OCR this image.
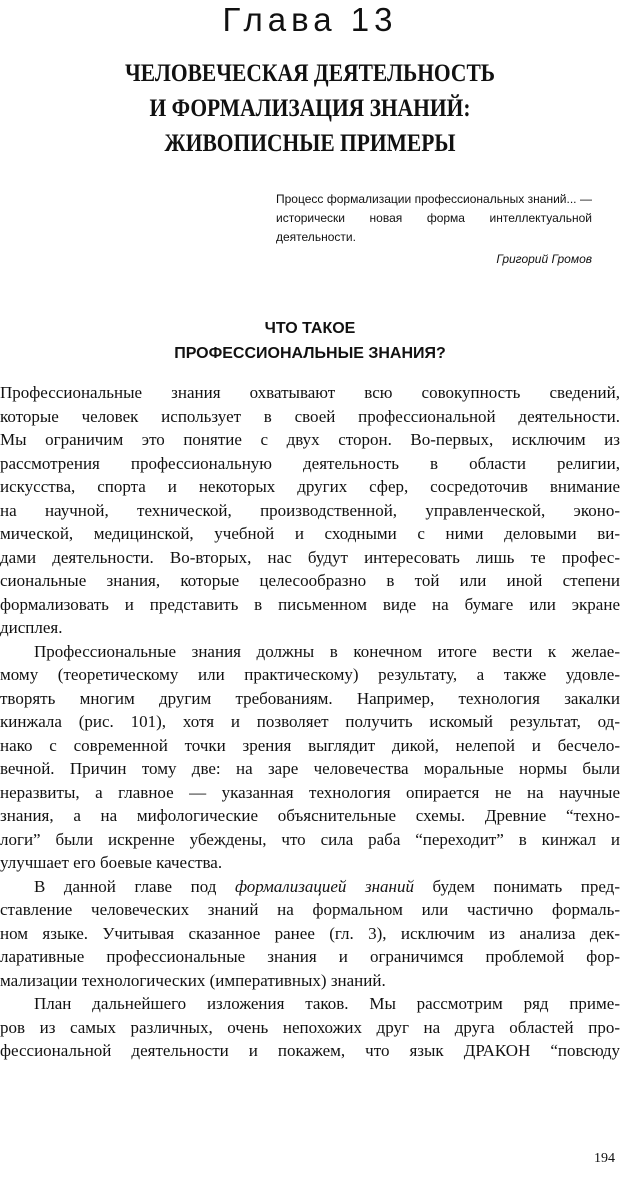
Глава 13
ЧЕЛОВЕЧЕСКАЯ ДЕЯТЕЛЬНОСТЬ
И ФОРМАЛИЗАЦИЯ ЗНАНИЙ:
ЖИВОПИСНЫЕ ПРИМЕРЫ
Процесс формализации профессиональных знаний... — исторически новая форма интеллектуальной деятельности.
Григорий Громов
ЧТО ТАКОЕ
ПРОФЕССИОНАЛЬНЫЕ ЗНАНИЯ?
Профессиональные знания охватывают всю совокупность сведений,
которые человек использует в своей профессиональной деятельности.
Мы ограничим это понятие с двух сторон. Во-первых, исключим из
рассмотрения профессиональную деятельность в области религии,
искусства, спорта и некоторых других сфер, сосредоточив внимание
на научной, технической, производственной, управленческой, эконо-
мической, медицинской, учебной и сходными с ними деловыми ви-
дами деятельности. Во-вторых, нас будут интересовать лишь те профес-
сиональные знания, которые целесообразно в той или иной степени
формализовать и представить в письменном виде на бумаге или экране
дисплея.
Профессиональные знания должны в конечном итоге вести к желае-
мому (теоретическому или практическому) результату, а также удовле-
творять многим другим требованиям. Например, технология закалки
кинжала (рис. 101), хотя и позволяет получить искомый результат, од-
нако с современной точки зрения выглядит дикой, нелепой и бесчело-
вечной. Причин тому две: на заре человечества моральные нормы были
неразвиты, а главное — указанная технология опирается не на научные
знания, а на мифологические объяснительные схемы. Древние “техно-
логи” были искренне убеждены, что сила раба “переходит” в кинжал и
улучшает его боевые качества.
В данной главе под формализацией знаний будем понимать пред-
ставление человеческих знаний на формальном или частично формаль-
ном языке. Учитывая сказанное ранее (гл. 3), исключим из анализа дек-
ларативные профессиональные знания и ограничимся проблемой фор-
мализации технологических (императивных) знаний.
План дальнейшего изложения таков. Мы рассмотрим ряд приме-
ров из самых различных, очень непохожих друг на друга областей про-
фессиональной деятельности и покажем, что язык ДРАКОН “повсюду
194
